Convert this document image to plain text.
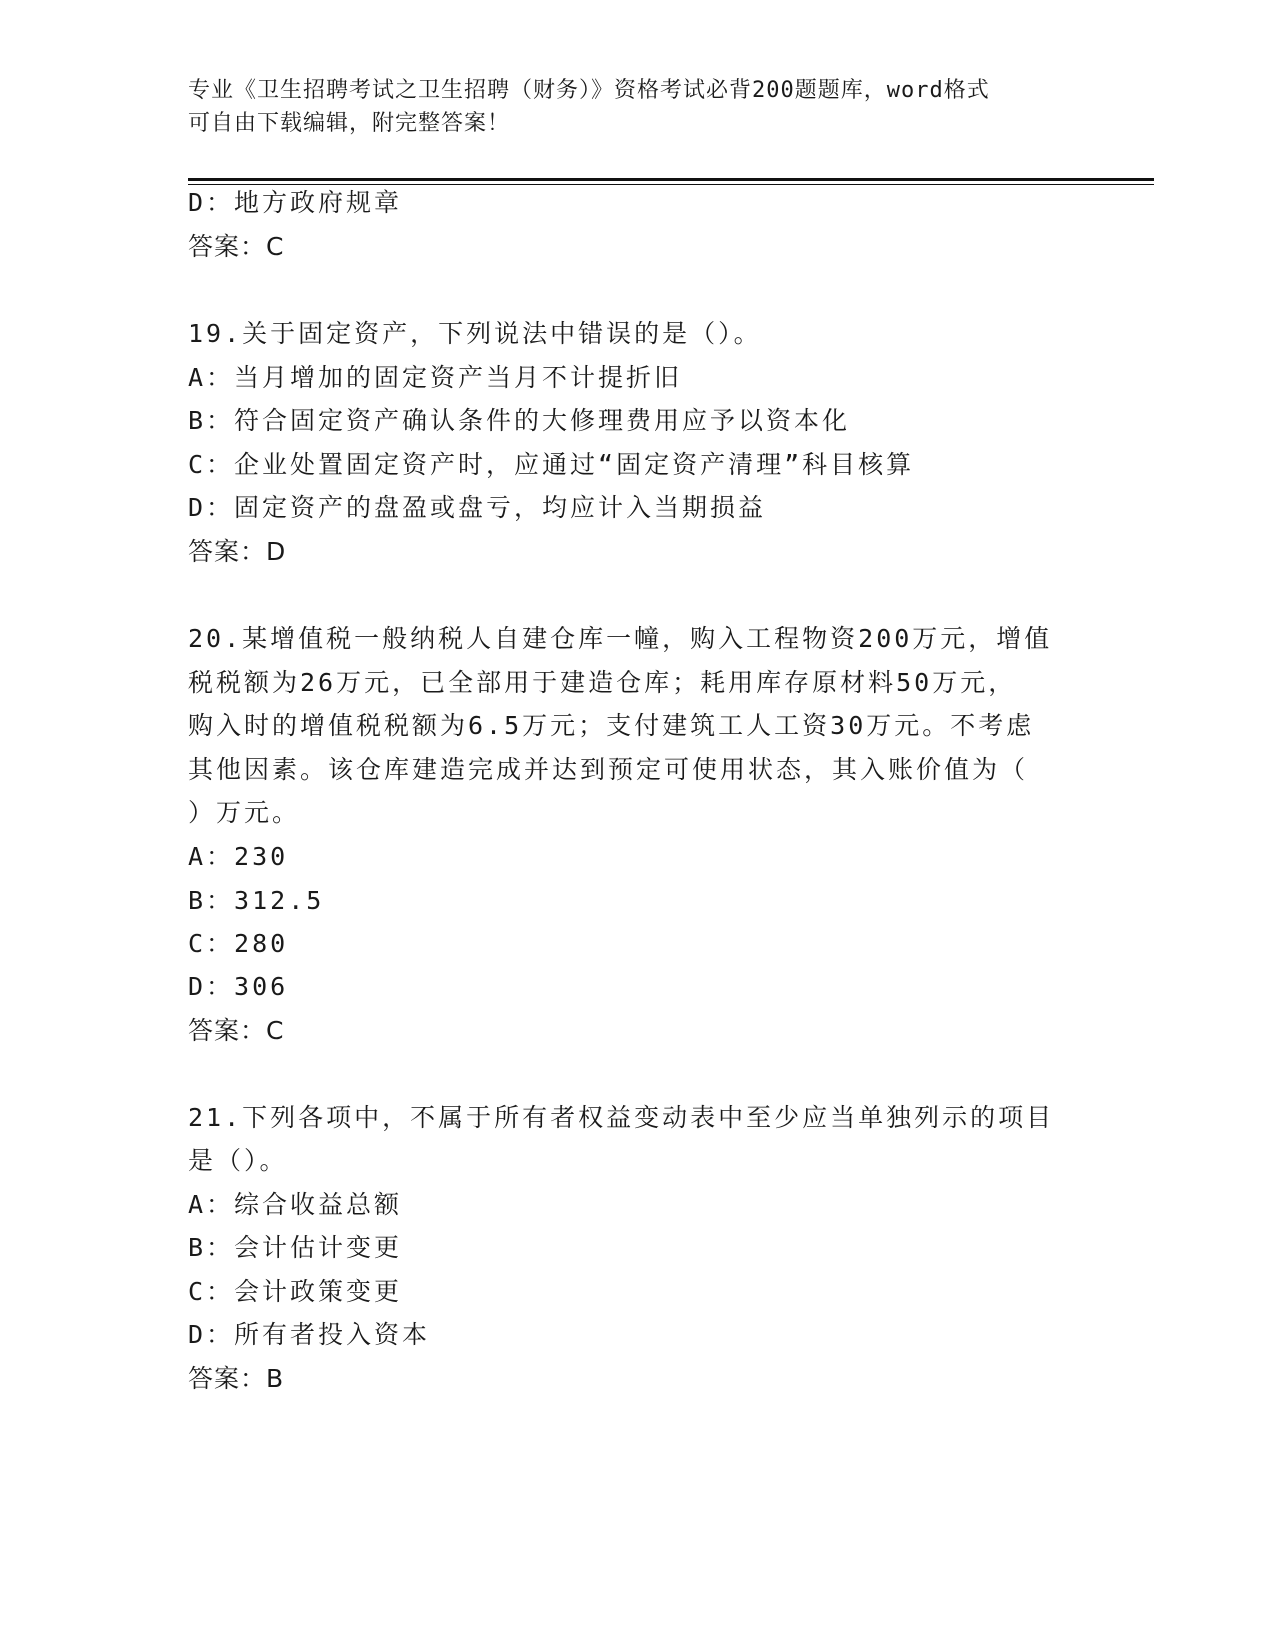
专业《卫生招聘考试之卫生招聘（财务）》资格考试必背200题题库，word格式
可自由下载编辑，附完整答案！
D：地方政府规章
答案：C
19.关于固定资产，下列说法中错误的是（）。
A：当月增加的固定资产当月不计提折旧
B：符合固定资产确认条件的大修理费用应予以资本化
C：企业处置固定资产时，应通过“固定资产清理”科目核算
D：固定资产的盘盈或盘亏，均应计入当期损益
答案：D
20.某增值税一般纳税人自建仓库一幢，购入工程物资200万元，增值
税税额为26万元，已全部用于建造仓库；耗用库存原材料50万元，
购入时的增值税税额为6.5万元；支付建筑工人工资30万元。不考虑
其他因素。该仓库建造完成并达到预定可使用状态，其入账价值为（
）万元。
A：230
B：312.5
C：280
D：306
答案：C
21.下列各项中，不属于所有者权益变动表中至少应当单独列示的项目
是（）。
A：综合收益总额
B：会计估计变更
C：会计政策变更
D：所有者投入资本
答案：B
